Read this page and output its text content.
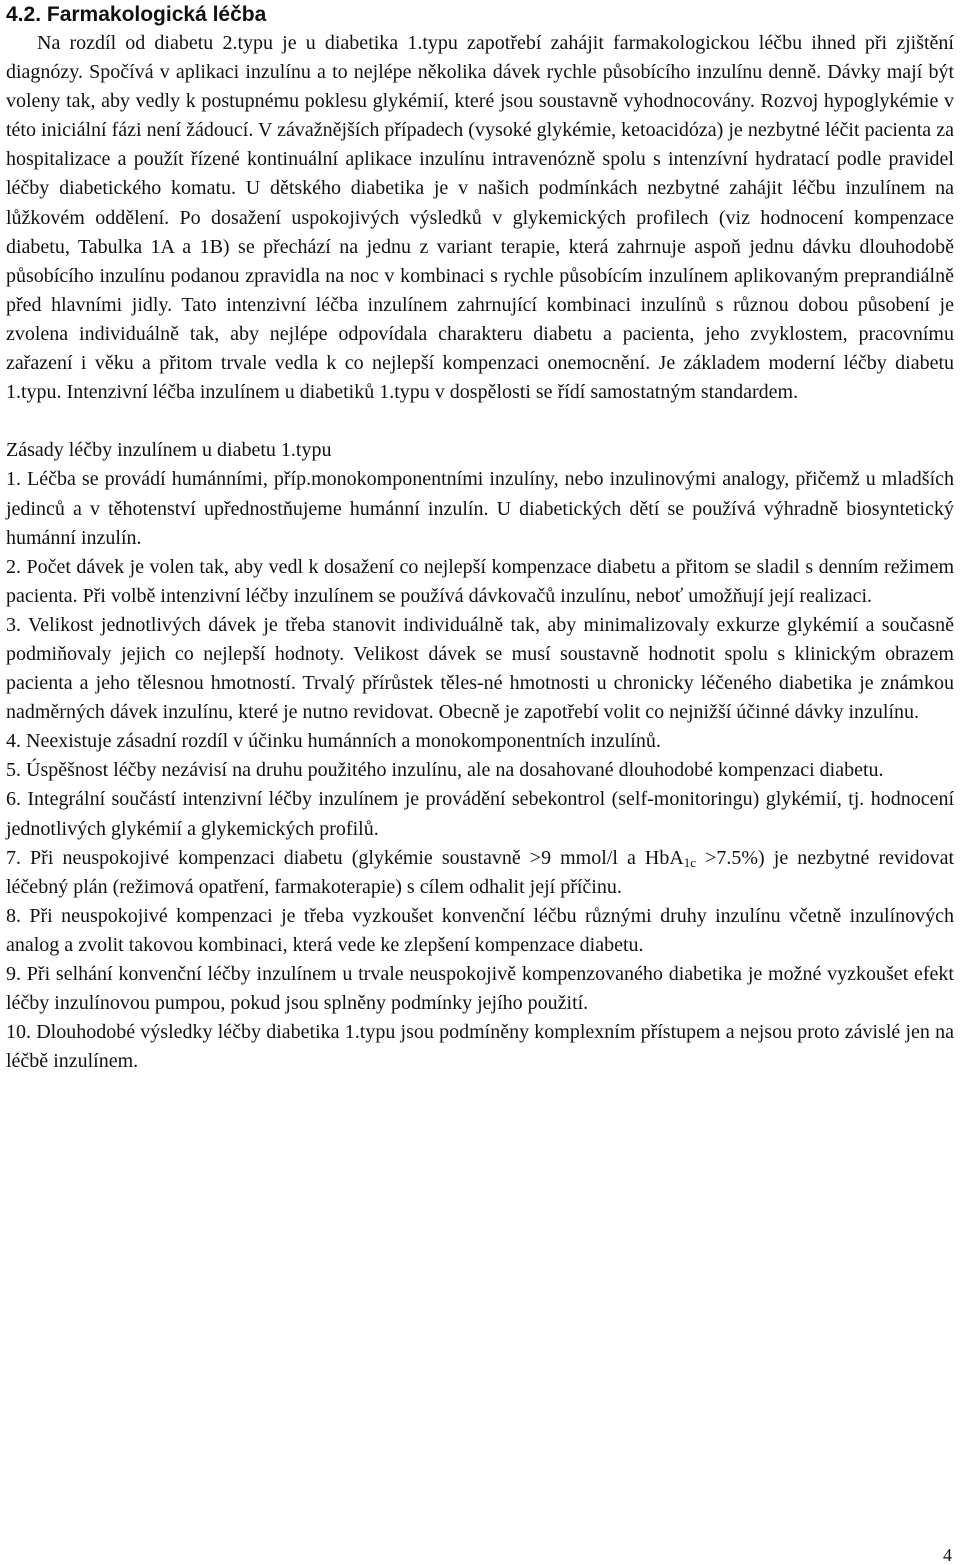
4.2. Farmakologická léčba

Na rozdíl od diabetu 2.typu je u diabetika 1.typu zapotřebí zahájit farmakologickou léčbu ihned při zjištění diagnózy. Spočívá v aplikaci inzulínu a to nejlépe několika dávek rychle působícího inzulínu denně. Dávky mají být voleny tak, aby vedly k postupnému poklesu glykémií, které jsou soustavně vyhodnocovány. Rozvoj hypoglykémie v této iniciální fázi není žádoucí. V závažnějších případech (vysoké glykémie, ketoacidóza) je nezbytné léčit pacienta za hospitalizace a použít řízené kontinuální aplikace inzulínu intravenózně spolu s intenzívní hydratací podle pravidel léčby diabetického komatu. U dětského diabetika je v našich podmínkách nezbytné zahájit léčbu inzulínem na lůžkovém oddělení. Po dosažení uspokojivých výsledků v glykemických profilech (viz hodnocení kompenzace diabetu, Tabulka 1A a 1B) se přechází na jednu z variant terapie, která zahrnuje aspoň jednu dávku dlouhodobě působícího inzulínu podanou zpravidla na noc v kombinaci s rychle působícím inzulínem aplikovaným preprandiálně před hlavními jidly. Tato intenzivní léčba inzulínem zahrnující kombinaci inzulínů s různou dobou působení je zvolena individuálně tak, aby nejlépe odpovídala charakteru diabetu a pacienta, jeho zvyklostem, pracovnímu zařazení i věku a přitom trvale vedla k co nejlepší kompenzaci onemocnění. Je základem moderní léčby diabetu 1.typu. Intenzivní léčba inzulínem u diabetiků 1.typu v dospělosti se řídí samostatným standardem.

Zásady léčby inzulínem u diabetu 1.typu

1. Léčba se provádí humánními, příp.monokomponentními inzulíny, nebo inzulinovými analogy, přičemž u mladších jedinců a v těhotenství upřednostňujeme humánní inzulín. U diabetických dětí se používá výhradně biosyntetický humánní inzulín.

2. Počet dávek je volen tak, aby vedl k dosažení co nejlepší kompenzace diabetu a přitom se sladil s denním režimem pacienta. Při volbě intenzivní léčby inzulínem se používá dávkovačů inzulínu, neboť umožňují její realizaci.

3. Velikost jednotlivých dávek je třeba stanovit individuálně tak, aby minimalizovaly exkurze glykémií a současně podmiňovaly jejich co nejlepší hodnoty. Velikost dávek se musí soustavně hodnotit spolu s klinickým obrazem pacienta a jeho tělesnou hmotností. Trvalý přírůstek těles-né hmotnosti u chronicky léčeného diabetika je známkou nadměrných dávek inzulínu, které je nutno revidovat. Obecně je zapotřebí volit co nejnižší účinné dávky inzulínu.

4. Neexistuje zásadní rozdíl v účinku humánních a monokomponentních inzulínů.

5. Úspěšnost léčby nezávisí na druhu použitého inzulínu, ale na dosahované dlouhodobé kompenzaci diabetu.

6. Integrální součástí intenzivní léčby inzulínem je provádění sebekontrol (self-monitoringu) glykémií, tj. hodnocení jednotlivých glykémií a glykemických profilů.

7. Při neuspokojivé kompenzaci diabetu (glykémie soustavně >9 mmol/l a HbA$_{1c}$ >7.5%) je nezbytné revidovat léčebný plán (režimová opatření, farmakoterapie) s cílem odhalit její příčinu.

8. Při neuspokojivé kompenzaci je třeba vyzkoušet konvenční léčbu různými druhy inzulínu včetně inzulínových analog a zvolit takovou kombinaci, která vede ke zlepšení kompenzace diabetu.

9. Při selhání konvenční léčby inzulínem u trvale neuspokojivě kompenzovaného diabetika je možné vyzkoušet efekt léčby inzulínovou pumpou, pokud jsou splněny podmínky jejího použití.

10. Dlouhodobé výsledky léčby diabetika 1.typu jsou podmíněny komplexním přístupem a nejsou proto závislé jen na léčbě inzulínem.

4
